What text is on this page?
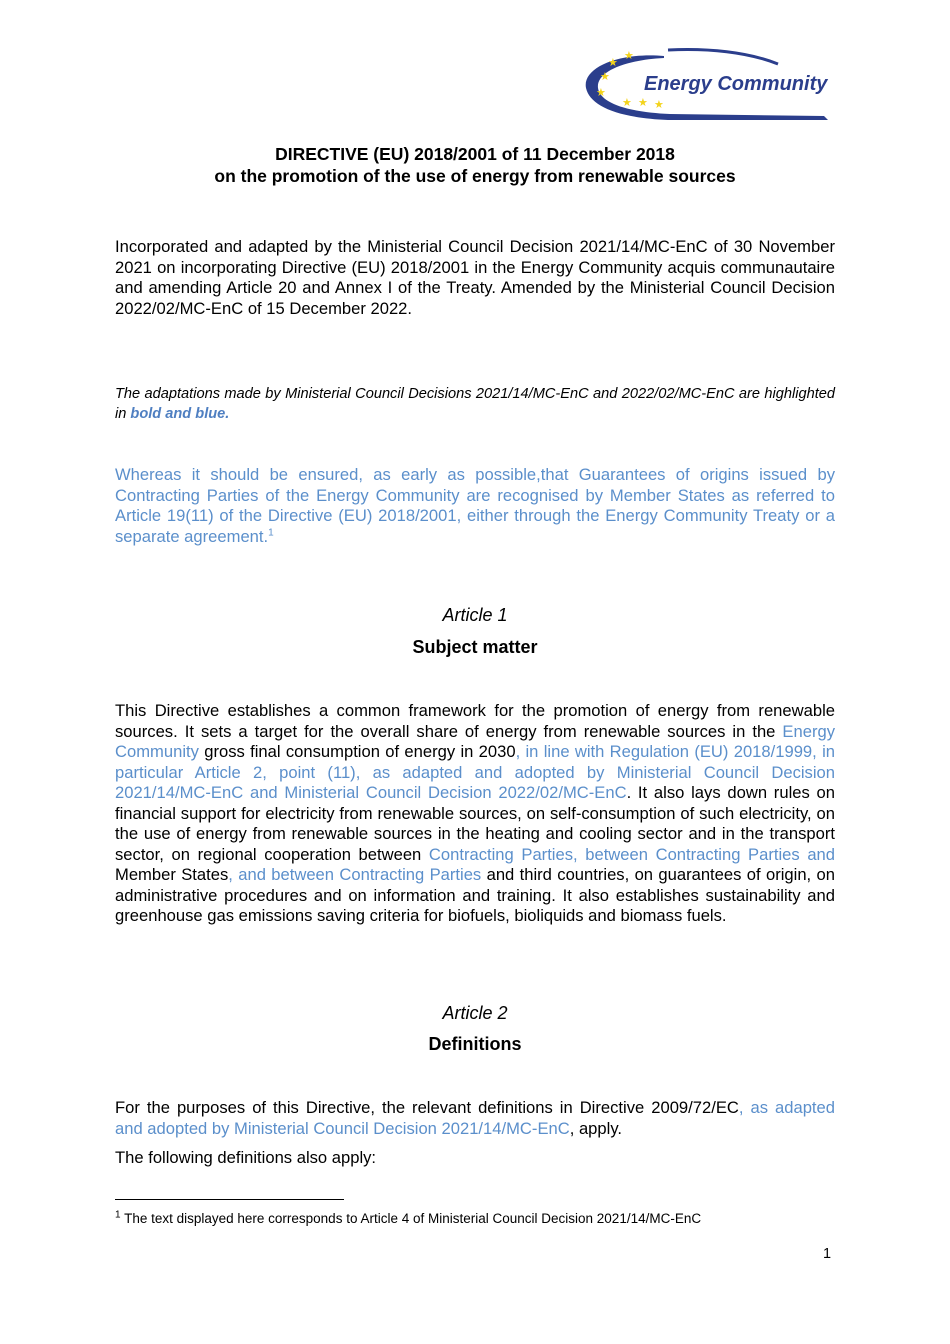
★
★
★
★
★ ★ ★
Energy Community
DIRECTIVE (EU) 2018/2001 of 11 December 2018
on the promotion of the use of energy from renewable sources
Incorporated and adapted by the Ministerial Council Decision 2021/14/MC-EnC of 30 November 2021 on incorporating Directive (EU) 2018/2001 in the Energy Community acquis communautaire and amending Article 20 and Annex I of the Treaty. Amended by the Ministerial Council Decision 2022/02/MC-EnC of 15 December 2022.
The adaptations made by Ministerial Council Decisions 2021/14/MC-EnC and 2022/02/MC-EnC are highlighted in bold and blue.
Whereas it should be ensured, as early as possible,that Guarantees of origins issued by Contracting Parties of the Energy Community are recognised by Member States as referred to Article 19(11) of the Directive (EU) 2018/2001, either through the Energy Community Treaty or a separate agreement.$^1$
Article 1
Subject matter
This Directive establishes a common framework for the promotion of energy from renewable sources. It sets a target for the overall share of energy from renewable sources in the Energy Community gross final consumption of energy in 2030, in line with Regulation (EU) 2018/1999, in particular Article 2, point (11), as adapted and adopted by Ministerial Council Decision 2021/14/MC-EnC and Ministerial Council Decision 2022/02/MC-EnC. It also lays down rules on financial support for electricity from renewable sources, on self-consumption of such electricity, on the use of energy from renewable sources in the heating and cooling sector and in the transport sector, on regional cooperation between Contracting Parties, between Contracting Parties and Member States, and between Contracting Parties and third countries, on guarantees of origin, on administrative procedures and on information and training. It also establishes sustainability and greenhouse gas emissions saving criteria for biofuels, bioliquids and biomass fuels.
Article 2
Definitions
For the purposes of this Directive, the relevant definitions in Directive 2009/72/EC, as adapted and adopted by Ministerial Council Decision 2021/14/MC-EnC, apply.
The following definitions also apply:
$^1$ The text displayed here corresponds to Article 4 of Ministerial Council Decision 2021/14/MC-EnC
1
